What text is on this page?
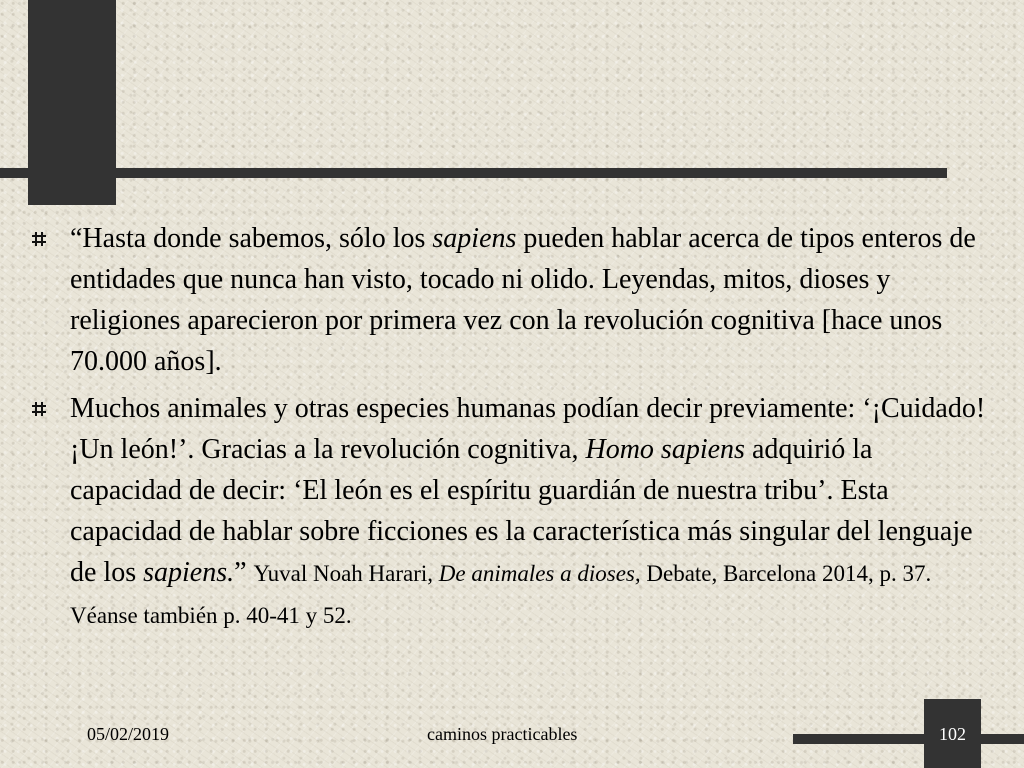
“Hasta donde sabemos, sólo los sapiens pueden hablar acerca de tipos enteros de entidades que nunca han visto, tocado ni olido. Leyendas, mitos, dioses y religiones aparecieron por primera vez con la revolución cognitiva [hace unos 70.000 años].
Muchos animales y otras especies humanas podían decir previamente: ‘¡Cuidado! ¡Un león!’. Gracias a la revolución cognitiva, Homo sapiens adquirió la capacidad de decir: ‘El león es el espíritu guardián de nuestra tribu’. Esta capacidad de hablar sobre ficciones es la característica más singular del lenguaje de los sapiens.” Yuval Noah Harari, De animales a dioses, Debate, Barcelona 2014, p. 37. Véanse también p. 40-41 y 52.
05/02/2019	caminos practicables	102
